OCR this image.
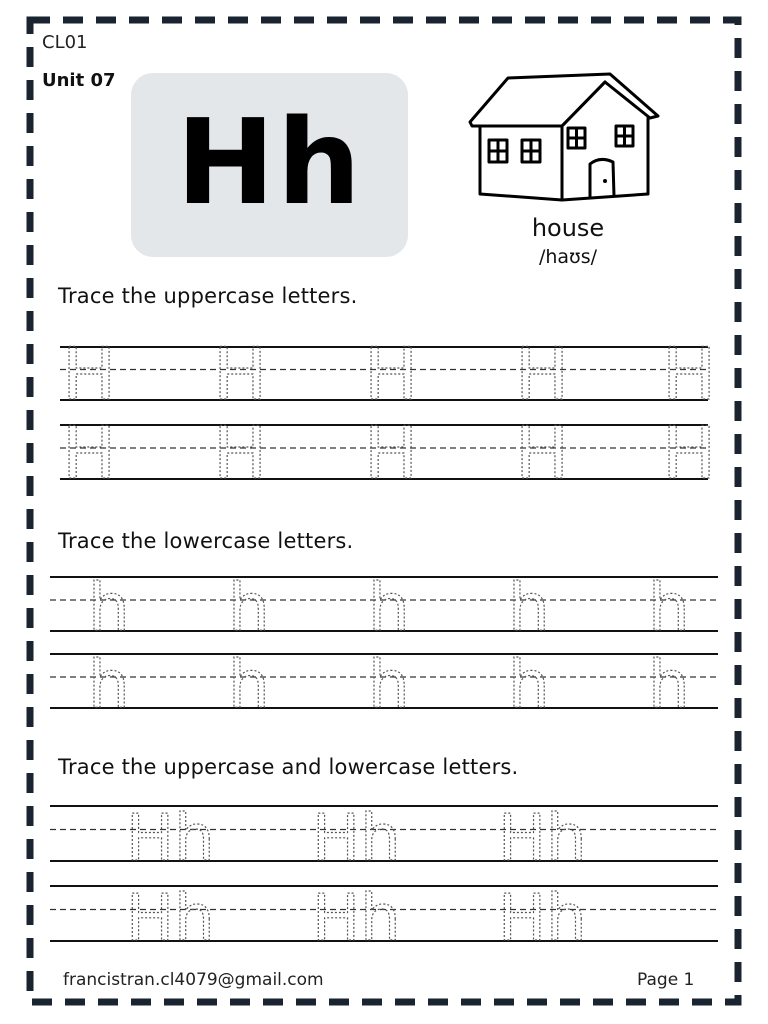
CL01
Unit 07
Hh	house
/haʊs/
Trace the uppercase letters.
Trace the lowercase letters.
Trace the uppercase and lowercase letters.
H H H H H
H H H H H
h h h h h
h h h h h
Hh Hh Hh
Hh Hh Hh
francistran.cl4079@gmail.com	Page 1
